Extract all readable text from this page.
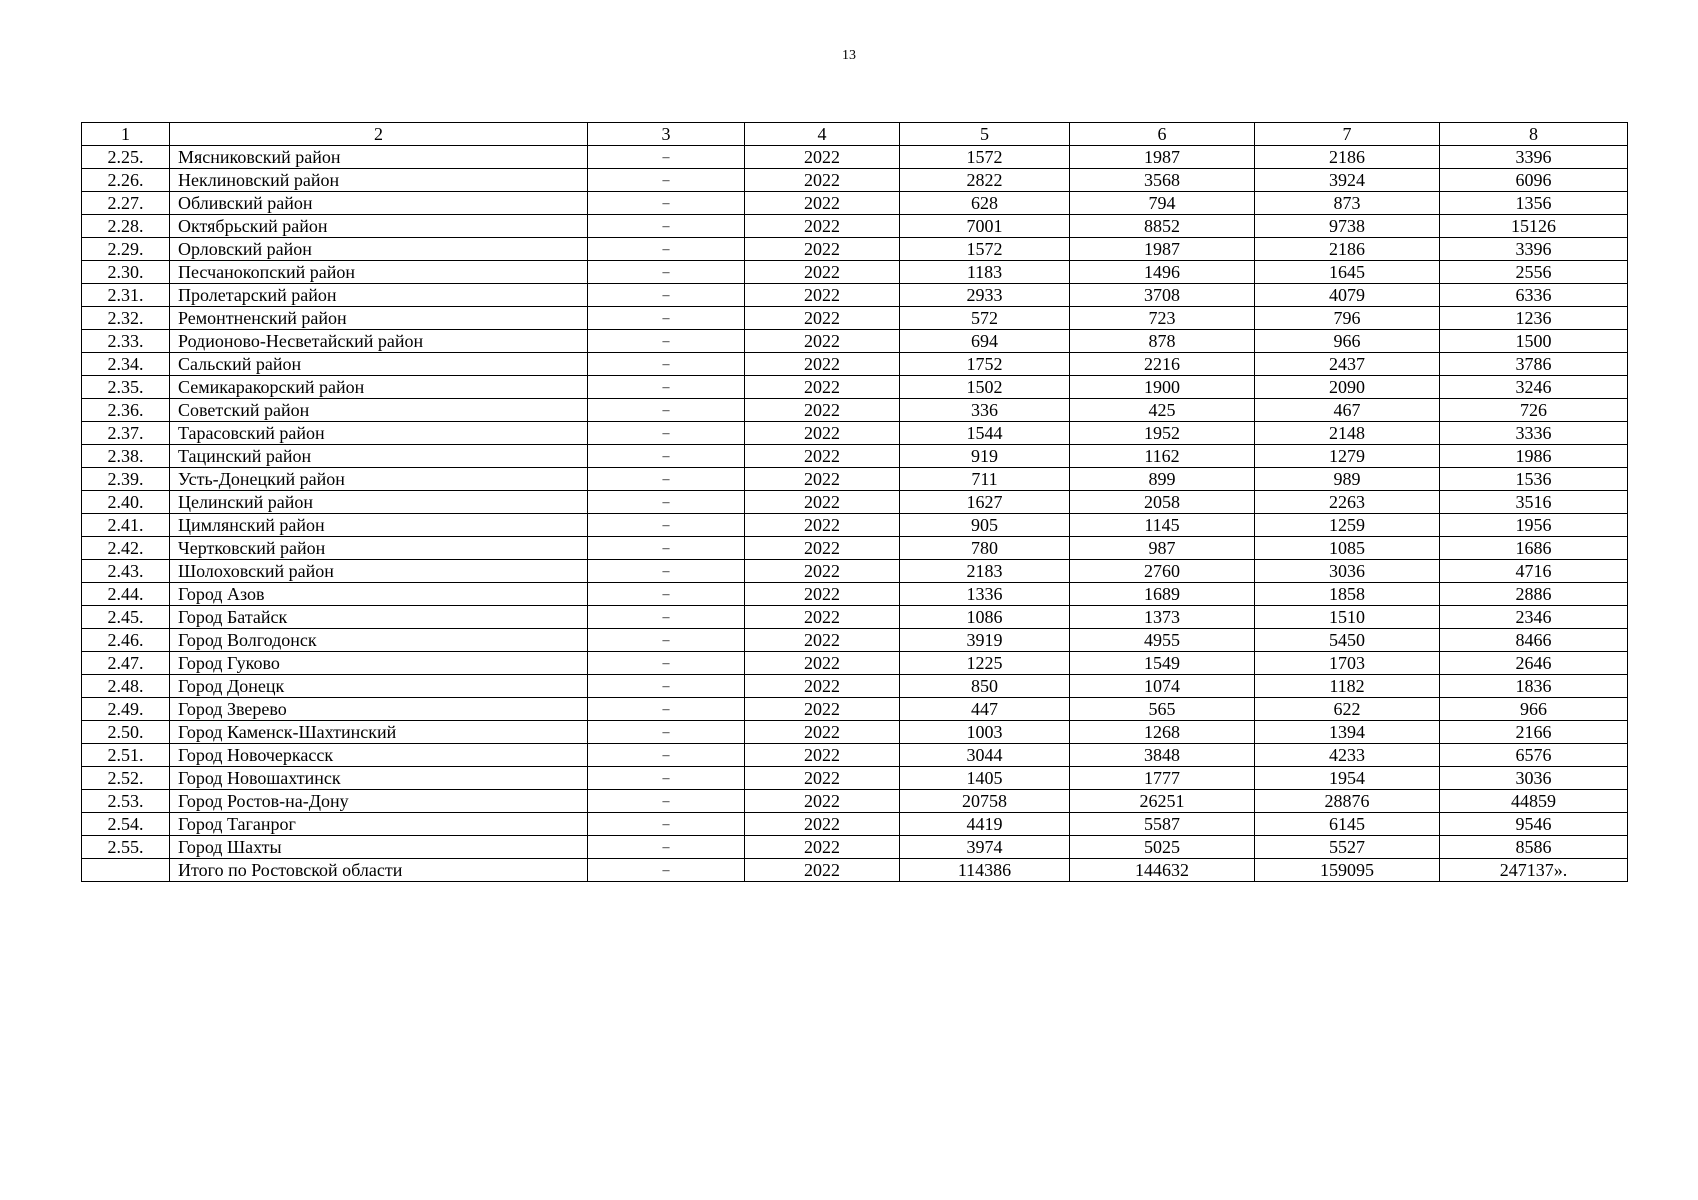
13
1	2	3	4	5	6	7	8
2.25.	Мясниковский район	–	2022	1572	1987	2186	3396
2.26.	Неклиновский район	–	2022	2822	3568	3924	6096
2.27.	Обливский район	–	2022	628	794	873	1356
2.28.	Октябрьский район	–	2022	7001	8852	9738	15126
2.29.	Орловский район	–	2022	1572	1987	2186	3396
2.30.	Песчанокопский район	–	2022	1183	1496	1645	2556
2.31.	Пролетарский район	–	2022	2933	3708	4079	6336
2.32.	Ремонтненский район	–	2022	572	723	796	1236
2.33.	Родионово-Несветайский район	–	2022	694	878	966	1500
2.34.	Сальский район	–	2022	1752	2216	2437	3786
2.35.	Семикаракорский район	–	2022	1502	1900	2090	3246
2.36.	Советский район	–	2022	336	425	467	726
2.37.	Тарасовский район	–	2022	1544	1952	2148	3336
2.38.	Тацинский район	–	2022	919	1162	1279	1986
2.39.	Усть-Донецкий район	–	2022	711	899	989	1536
2.40.	Целинский район	–	2022	1627	2058	2263	3516
2.41.	Цимлянский район	–	2022	905	1145	1259	1956
2.42.	Чертковский район	–	2022	780	987	1085	1686
2.43.	Шолоховский район	–	2022	2183	2760	3036	4716
2.44.	Город Азов	–	2022	1336	1689	1858	2886
2.45.	Город Батайск	–	2022	1086	1373	1510	2346
2.46.	Город Волгодонск	–	2022	3919	4955	5450	8466
2.47.	Город Гуково	–	2022	1225	1549	1703	2646
2.48.	Город Донецк	–	2022	850	1074	1182	1836
2.49.	Город Зверево	–	2022	447	565	622	966
2.50.	Город Каменск-Шахтинский	–	2022	1003	1268	1394	2166
2.51.	Город Новочеркасск	–	2022	3044	3848	4233	6576
2.52.	Город Новошахтинск	–	2022	1405	1777	1954	3036
2.53.	Город Ростов-на-Дону	–	2022	20758	26251	28876	44859
2.54.	Город Таганрог	–	2022	4419	5587	6145	9546
2.55.	Город Шахты	–	2022	3974	5025	5527	8586
	Итого по Ростовской области	–	2022	114386	144632	159095	247137».
